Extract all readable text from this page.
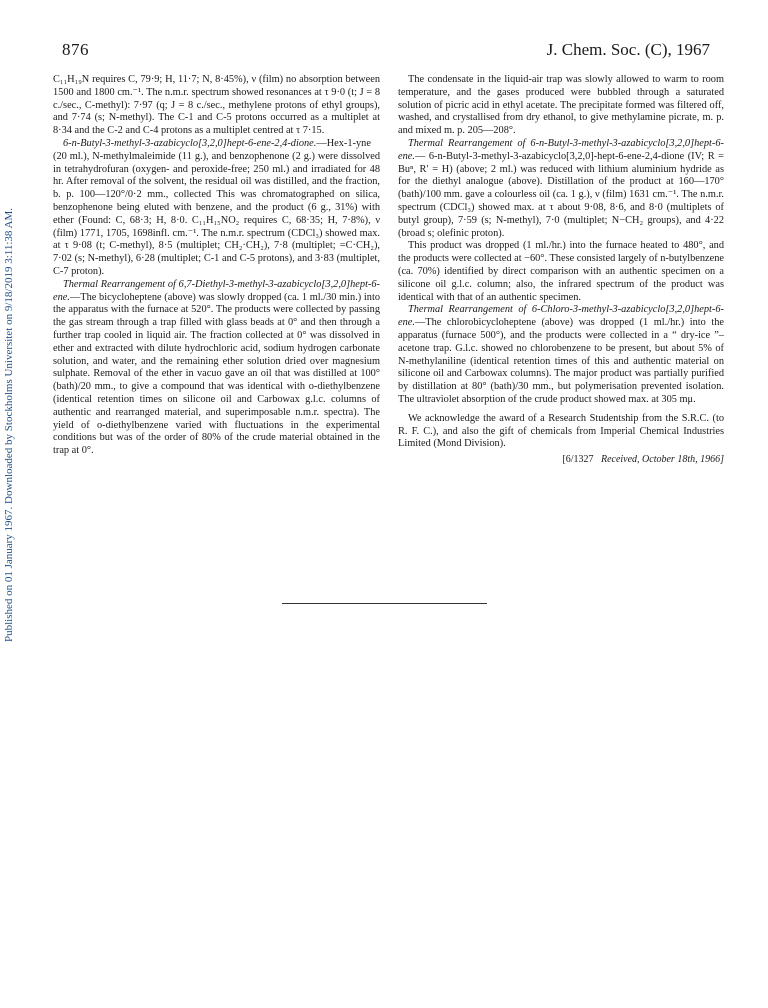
876	J. Chem. Soc. (C), 1967
Published on 01 January 1967. Downloaded by Stockholms Universitet on 9/18/2019 3:11:38 AM.

C₁₁H₁₉N requires C, 79·9; H, 11·7; N, 8·45%), ν (film) no absorption between 1500 and 1800 cm.⁻¹. The n.m.r. spectrum showed resonances at τ 9·0 (t; J = 8 c./sec., C-methyl): 7·97 (q; J = 8 c./sec., methylene protons of ethyl groups), and 7·74 (s; N-methyl). The C-1 and C-5 protons occurred as a multiplet at 8·34 and the C-2 and C-4 protons as a multiplet centred at τ 7·15.

6-n-Butyl-3-methyl-3-azabicyclo[3,2,0]hept-6-ene-2,4-dione.—Hex-1-yne (20 ml.), N-methylmaleimide (11 g.), and benzophenone (2 g.) were dissolved in tetrahydrofuran (oxygen- and peroxide-free; 250 ml.) and irradiated for 48 hr. After removal of the solvent, the residual oil was distilled, and the fraction, b. p. 100—120°/0·2 mm., collected This was chromatographed on silica, benzophenone being eluted with benzene, and the product (6 g., 31%) with ether (Found: C, 68·3; H, 8·0. C₁₁H₁₅NO₂ requires C, 68·35; H, 7·8%), ν (film) 1771, 1705, 1698infl. cm.⁻¹. The n.m.r. spectrum (CDCl₃) showed max. at τ 9·08 (t; C-methyl), 8·5 (multiplet; CH₂·CH₂), 7·8 (multiplet; =C·CH₂), 7·02 (s; N-methyl), 6·28 (multiplet; C-1 and C-5 protons), and 3·83 (multiplet, C-7 proton).

Thermal Rearrangement of 6,7-Diethyl-3-methyl-3-azabicyclo[3,2,0]hept-6-ene.—The bicycloheptene (above) was slowly dropped (ca. 1 ml./30 min.) into the apparatus with the furnace at 520°. The products were collected by passing the gas stream through a trap filled with glass beads at 0° and then through a further trap cooled in liquid air. The fraction collected at 0° was dissolved in ether and extracted with dilute hydrochloric acid, sodium hydrogen carbonate solution, and water, and the remaining ether solution dried over magnesium sulphate. Removal of the ether in vacuo gave an oil that was distilled at 100° (bath)/20 mm., to give a compound that was identical with o-diethylbenzene (identical retention times on silicone oil and Carbowax g.l.c. columns of authentic and rearranged material, and superimposable n.m.r. spectra). The yield of o-diethylbenzene varied with fluctuations in the experimental conditions but was of the order of 80% of the crude material obtained in the trap at 0°.

The condensate in the liquid-air trap was slowly allowed to warm to room temperature, and the gases produced were bubbled through a saturated solution of picric acid in ethyl acetate. The precipitate formed was filtered off, washed, and crystallised from dry ethanol, to give methylamine picrate, m. p. and mixed m. p. 205—208°.

Thermal Rearrangement of 6-n-Butyl-3-methyl-3-azabicyclo[3,2,0]hept-6-ene.— 6-n-Butyl-3-methyl-3-azabicyclo[3,2,0]-hept-6-ene-2,4-dione (IV; R = Buⁿ, R′ = H) (above; 2 ml.) was reduced with lithium aluminium hydride as for the diethyl analogue (above). Distillation of the product at 160—170° (bath)/100 mm. gave a colourless oil (ca. 1 g.), ν (film) 1631 cm.⁻¹. The n.m.r. spectrum (CDCl₃) showed max. at τ about 9·08, 8·6, and 8·0 (multiplets of butyl group), 7·59 (s; N-methyl), 7·0 (multiplet; N−CH₂ groups), and 4·22 (broad s; olefinic proton).

This product was dropped (1 ml./hr.) into the furnace heated to 480°, and the products were collected at −60°. These consisted largely of n-butylbenzene (ca. 70%) identified by direct comparison with an authentic specimen on a silicone oil g.l.c. column; also, the infrared spectrum of the product was identical with that of an authentic specimen.

Thermal Rearrangement of 6-Chloro-3-methyl-3-azabicyclo[3,2,0]hept-6-ene.—The chlorobicycloheptene (above) was dropped (1 ml./hr.) into the apparatus (furnace 500°), and the products were collected in a “ dry-ice ”–acetone trap. G.l.c. showed no chlorobenzene to be present, but about 5% of N-methylaniline (identical retention times of this and authentic material on silicone oil and Carbowax columns). The major product was partially purified by distillation at 80° (bath)/30 mm., but polymerisation prevented isolation. The ultraviolet absorption of the crude product showed max. at 305 mμ.

We acknowledge the award of a Research Studentship from the S.R.C. (to R. F. C.), and also the gift of chemicals from Imperial Chemical Industries Limited (Mond Division).

[6/1327 Received, October 18th, 1966]
